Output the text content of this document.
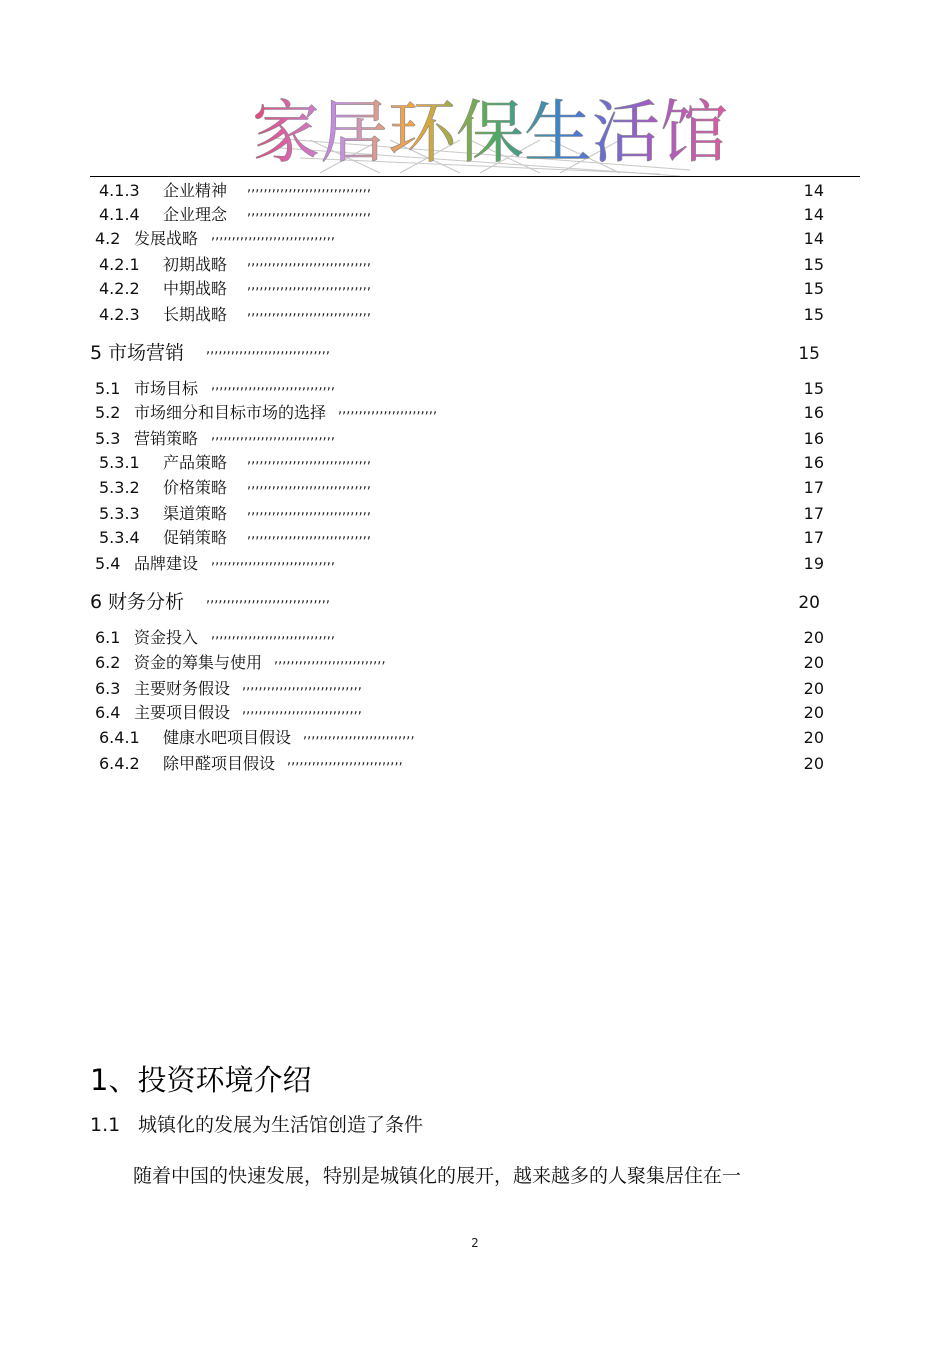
家居环保生活馆
4.1.3 企业精神 ,,,,,,,,,,,,,,,,,,,,,,,,,,,,,,	14
4.1.4 企业理念 ,,,,,,,,,,,,,,,,,,,,,,,,,,,,,,	14
4.2 发展战略 ,,,,,,,,,,,,,,,,,,,,,,,,,,,,,,	14
4.2.1 初期战略 ,,,,,,,,,,,,,,,,,,,,,,,,,,,,,,	15
4.2.2 中期战略 ,,,,,,,,,,,,,,,,,,,,,,,,,,,,,,	15
4.2.3 长期战略 ,,,,,,,,,,,,,,,,,,,,,,,,,,,,,,	15
5 市场营销 ,,,,,,,,,,,,,,,,,,,,,,,,,,,,,,	15
5.1 市场目标 ,,,,,,,,,,,,,,,,,,,,,,,,,,,,,,	15
5.2 市场细分和目标市场的选择 ,,,,,,,,,,,,,,,,,,,,,,,,	16
5.3 营销策略 ,,,,,,,,,,,,,,,,,,,,,,,,,,,,,,	16
5.3.1 产品策略 ,,,,,,,,,,,,,,,,,,,,,,,,,,,,,,	16
5.3.2 价格策略 ,,,,,,,,,,,,,,,,,,,,,,,,,,,,,,	17
5.3.3 渠道策略 ,,,,,,,,,,,,,,,,,,,,,,,,,,,,,,	17
5.3.4 促销策略 ,,,,,,,,,,,,,,,,,,,,,,,,,,,,,,	17
5.4 品牌建设 ,,,,,,,,,,,,,,,,,,,,,,,,,,,,,,	19
6 财务分析 ,,,,,,,,,,,,,,,,,,,,,,,,,,,,,,	20
6.1 资金投入 ,,,,,,,,,,,,,,,,,,,,,,,,,,,,,,	20
6.2 资金的筹集与使用 ,,,,,,,,,,,,,,,,,,,,,,,,,,,	20
6.3 主要财务假设 ,,,,,,,,,,,,,,,,,,,,,,,,,,,,,	20
6.4 主要项目假设 ,,,,,,,,,,,,,,,,,,,,,,,,,,,,,	20
6.4.1 健康水吧项目假设 ,,,,,,,,,,,,,,,,,,,,,,,,,,,	20
6.4.2 除甲醛项目假设 ,,,,,,,,,,,,,,,,,,,,,,,,,,,,	20
1、投资环境介绍
1.1 城镇化的发展为生活馆创造了条件
随着中国的快速发展，特别是城镇化的展开，越来越多的人聚集居住在一
2
